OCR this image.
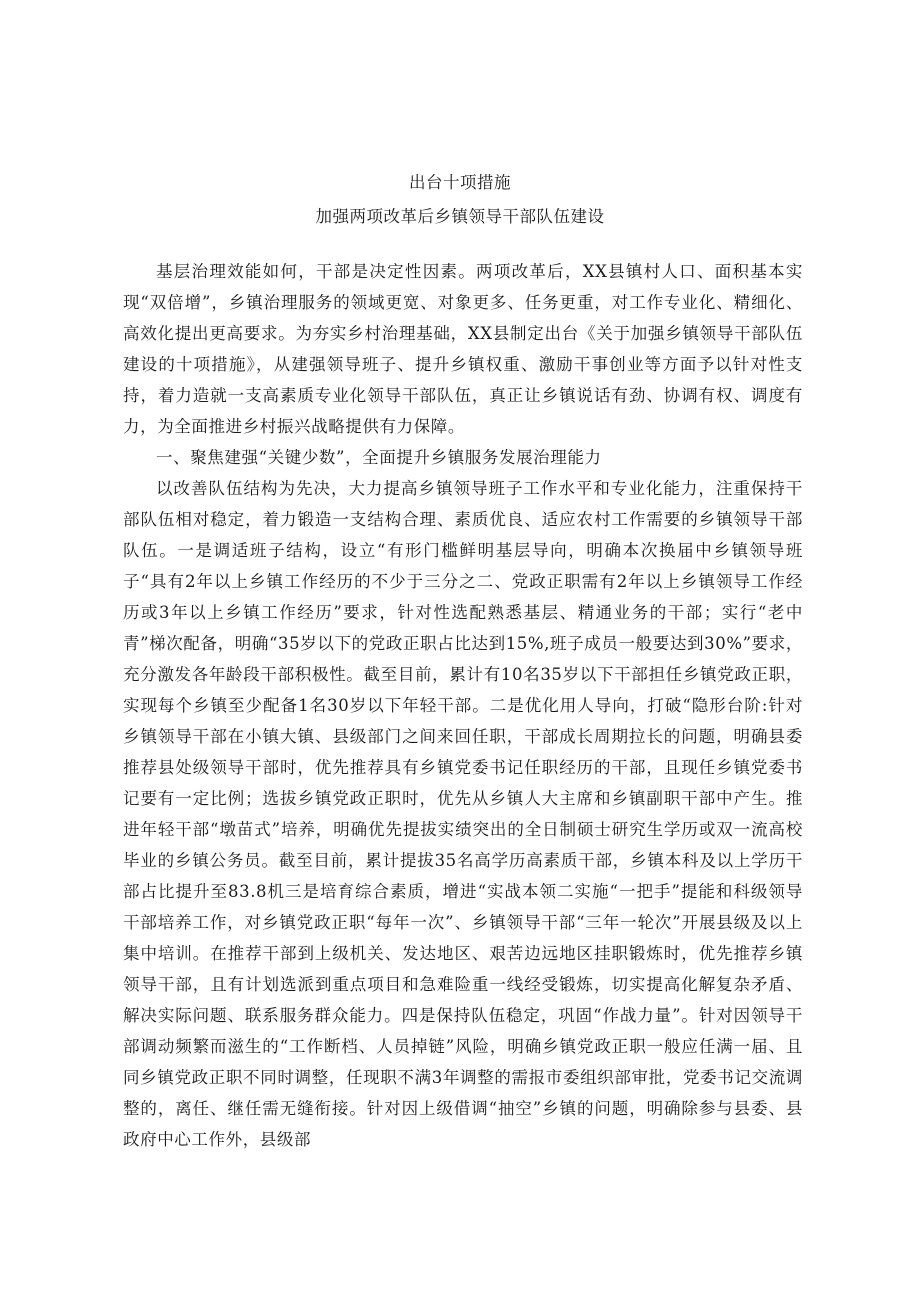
出台十项措施
加强两项改革后乡镇领导干部队伍建设

基层治理效能如何，干部是决定性因素。两项改革后，XX县镇村人口、面积基本实现“双倍增”，乡镇治理服务的领域更宽、对象更多、任务更重，对工作专业化、精细化、高效化提出更高要求。为夯实乡村治理基础，XX县制定出台《关于加强乡镇领导干部队伍建设的十项措施》，从建强领导班子、提升乡镇权重、激励干事创业等方面予以针对性支持，着力造就一支高素质专业化领导干部队伍，真正让乡镇说话有劲、协调有权、调度有力，为全面推进乡村振兴战略提供有力保障。

一、聚焦建强“关键少数”，全面提升乡镇服务发展治理能力

以改善队伍结构为先决，大力提高乡镇领导班子工作水平和专业化能力，注重保持干部队伍相对稳定，着力锻造一支结构合理、素质优良、适应农村工作需要的乡镇领导干部队伍。一是调适班子结构，设立“有形门槛鲜明基层导向，明确本次换届中乡镇领导班子“具有2年以上乡镇工作经历的不少于三分之二、党政正职需有2年以上乡镇领导工作经历或3年以上乡镇工作经历”要求，针对性选配熟悉基层、精通业务的干部；实行“老中青”梯次配备，明确“35岁以下的党政正职占比达到15%,班子成员一般要达到30%”要求，充分激发各年龄段干部积极性。截至目前，累计有10名35岁以下干部担任乡镇党政正职，实现每个乡镇至少配备1名30岁以下年轻干部。二是优化用人导向，打破“隐形台阶:针对乡镇领导干部在小镇大镇、县级部门之间来回任职，干部成长周期拉长的问题，明确县委推荐县处级领导干部时，优先推荐具有乡镇党委书记任职经历的干部，且现任乡镇党委书记要有一定比例；选拔乡镇党政正职时，优先从乡镇人大主席和乡镇副职干部中产生。推进年轻干部“墩苗式”培养，明确优先提拔实绩突出的全日制硕士研究生学历或双一流高校毕业的乡镇公务员。截至目前，累计提拔35名高学历高素质干部，乡镇本科及以上学历干部占比提升至83.8机三是培育综合素质，增进“实战本领二实施“一把手”提能和科级领导干部培养工作，对乡镇党政正职“每年一次”、乡镇领导干部“三年一轮次”开展县级及以上集中培训。在推荐干部到上级机关、发达地区、艰苦边远地区挂职锻炼时，优先推荐乡镇领导干部，且有计划选派到重点项目和急难险重一线经受锻炼，切实提高化解复杂矛盾、解决实际问题、联系服务群众能力。四是保持队伍稳定，巩固“作战力量”。针对因领导干部调动频繁而滋生的“工作断档、人员掉链”风险，明确乡镇党政正职一般应任满一届、且同乡镇党政正职不同时调整，任现职不满3年调整的需报市委组织部审批，党委书记交流调整的，离任、继任需无缝衔接。针对因上级借调“抽空”乡镇的问题，明确除参与县委、县政府中心工作外，县级部
